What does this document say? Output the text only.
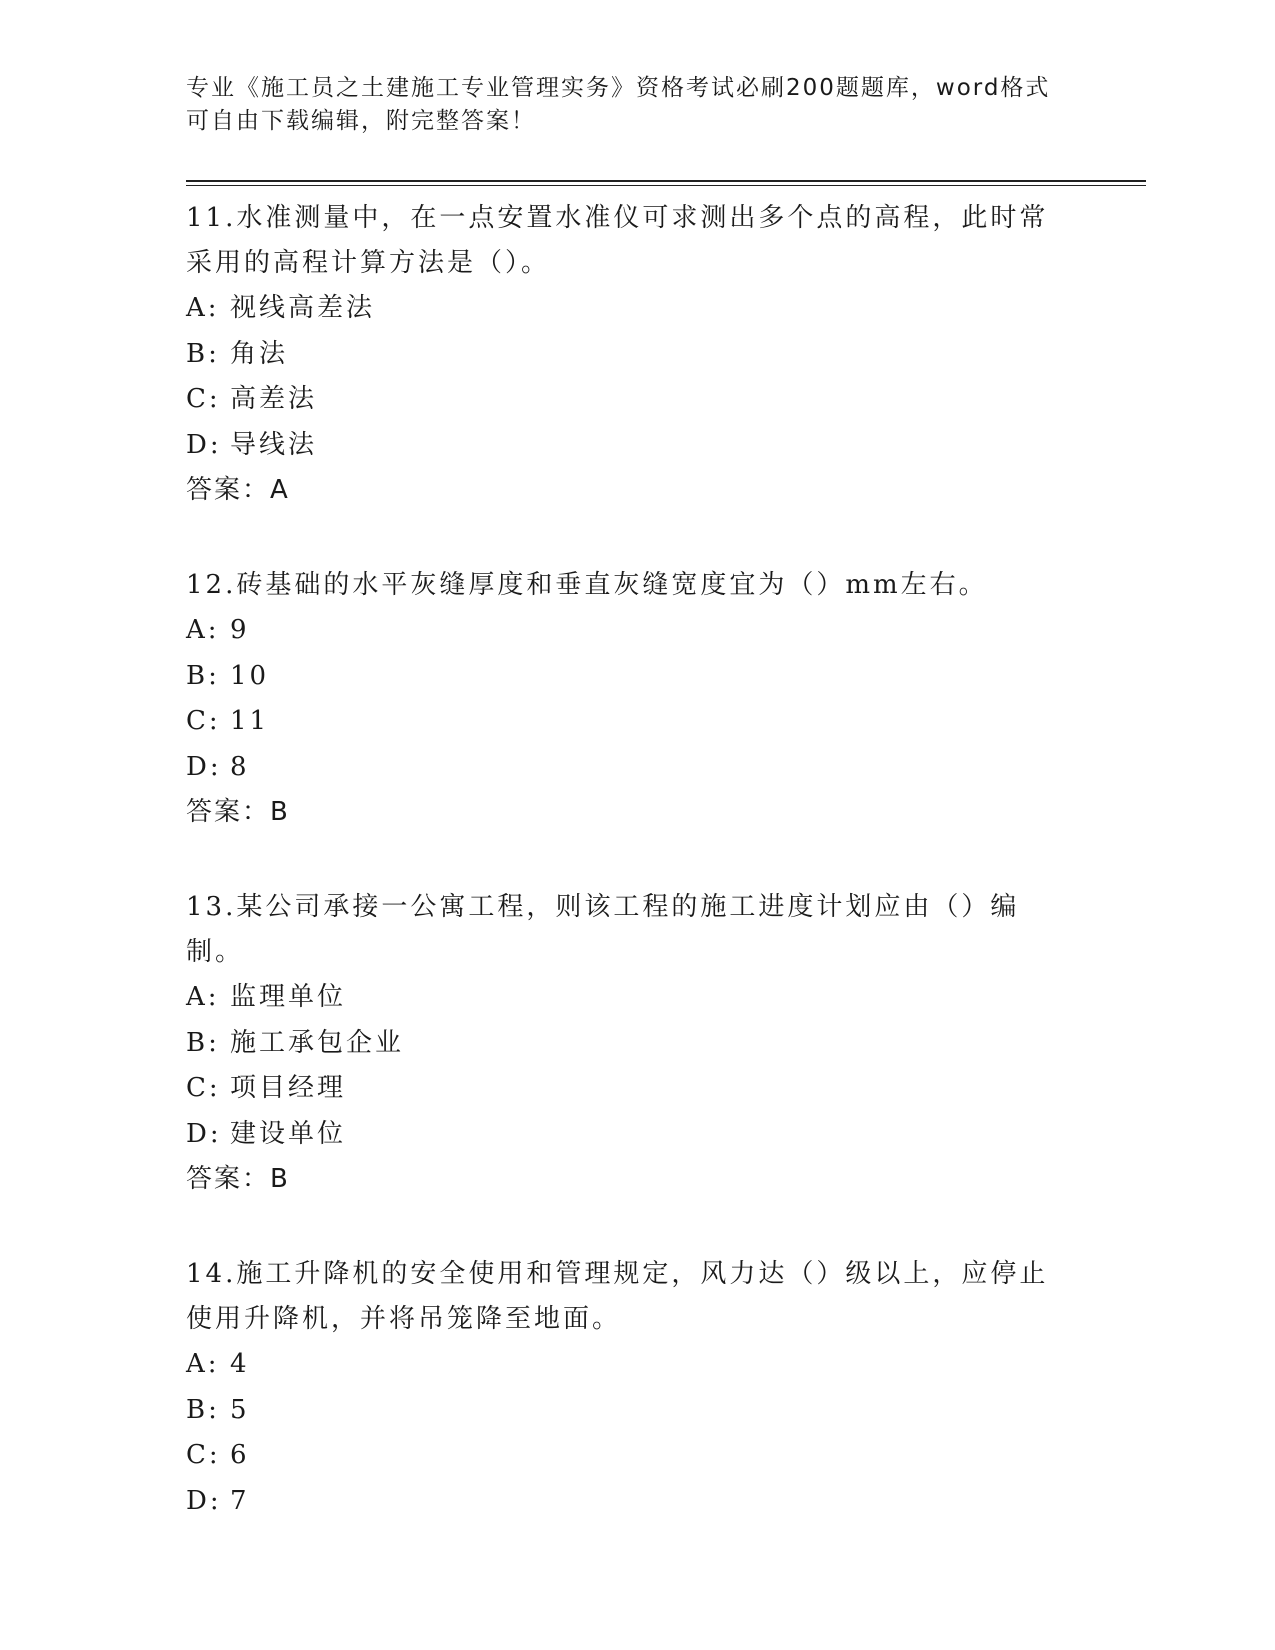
专业《施工员之土建施工专业管理实务》资格考试必刷200题题库，word格式可自由下载编辑，附完整答案！

11.水准测量中，在一点安置水准仪可求测出多个点的高程，此时常采用的高程计算方法是（）。

A: 视线高差法

B: 角法

C: 高差法

D: 导线法

答案：A

12.砖基础的水平灰缝厚度和垂直灰缝宽度宜为（）mm左右。

A: 9

B: 10

C: 11

D: 8

答案：B

13.某公司承接一公寓工程，则该工程的施工进度计划应由（）编制。

A: 监理单位

B: 施工承包企业

C: 项目经理

D: 建设单位

答案：B

14.施工升降机的安全使用和管理规定，风力达（）级以上，应停止使用升降机，并将吊笼降至地面。

A: 4

B: 5

C: 6

D: 7
